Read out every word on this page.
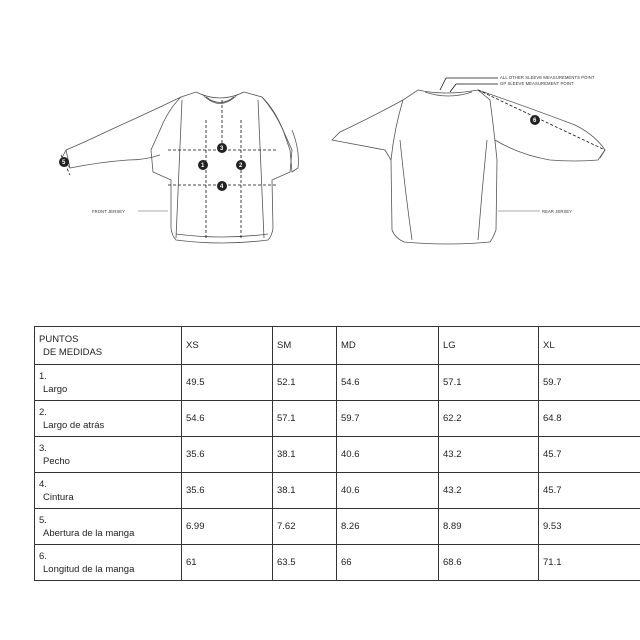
1	2
3
4
5
FRONT JERSEY
6
ALL OTHER SLEEVE MEASUREMENTS POINT
GP SLEEVE MEASUREMENT POINT
REAR JERSEY
PUNTOS
DE MEDIDAS	XS	SM	MD	LG	XL

1.
Largo	49.5	52.1	54.6	57.1	59.7

2.
Largo de atrás	54.6	57.1	59.7	62.2	64.8

3.
Pecho	35.6	38.1	40.6	43.2	45.7

4.
Cintura	35.6	38.1	40.6	43.2	45.7

5.
Abertura de la manga	6.99	7.62	8.26	8.89	9.53

6.
Longitud de la manga	61	63.5	66	68.6	71.1
